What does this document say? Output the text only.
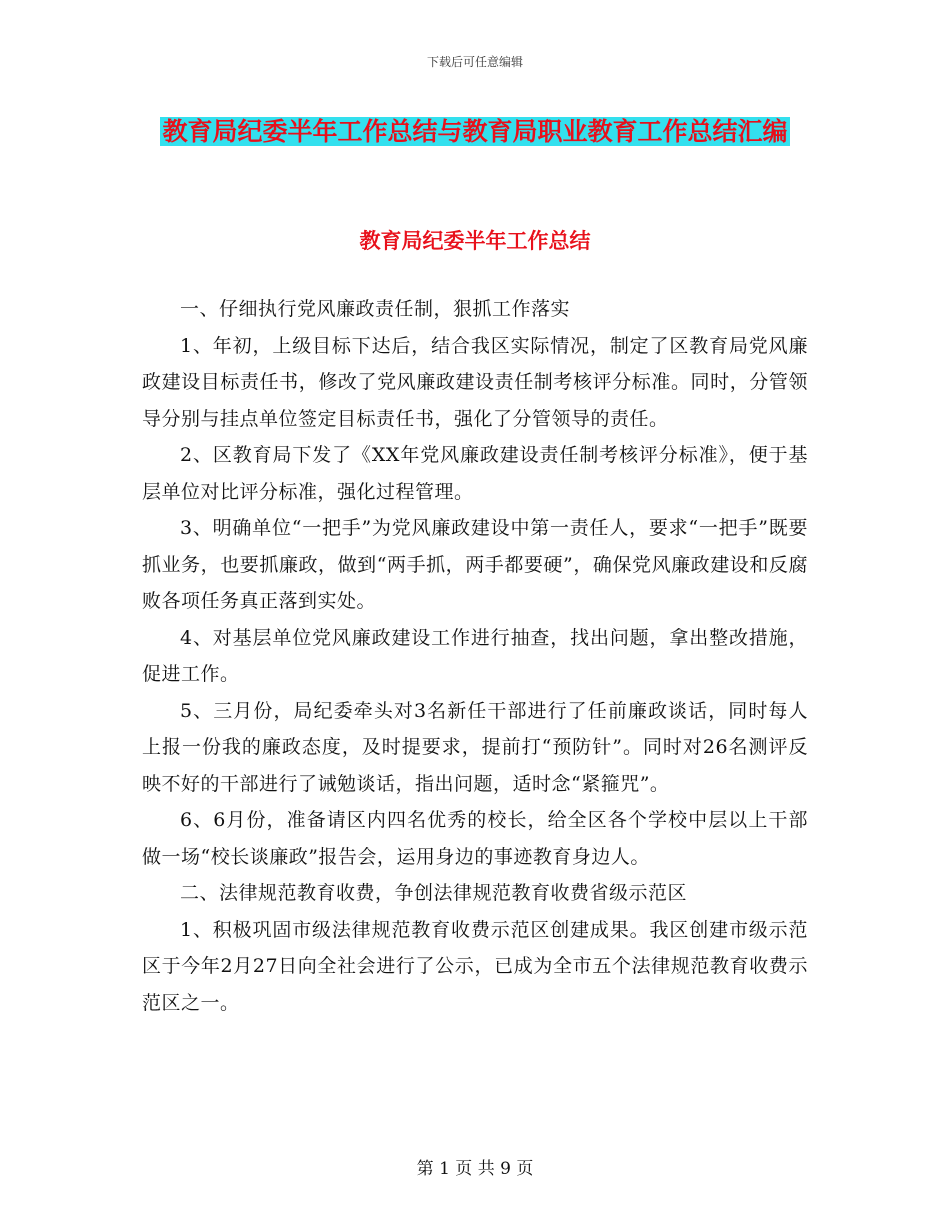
下载后可任意编辑
教育局纪委半年工作总结与教育局职业教育工作总结汇编
教育局纪委半年工作总结

一、仔细执行党风廉政责任制，狠抓工作落实

1、年初，上级目标下达后，结合我区实际情况，制定了区教育局党风廉政建设目标责任书，修改了党风廉政建设责任制考核评分标准。同时，分管领导分别与挂点单位签定目标责任书，强化了分管领导的责任。

2、区教育局下发了《XX年党风廉政建设责任制考核评分标准》，便于基层单位对比评分标准，强化过程管理。

3、明确单位“一把手”为党风廉政建设中第一责任人，要求“一把手”既要抓业务，也要抓廉政，做到“两手抓，两手都要硬”，确保党风廉政建设和反腐败各项任务真正落到实处。

4、对基层单位党风廉政建设工作进行抽查，找出问题，拿出整改措施，促进工作。

5、三月份，局纪委牵头对3名新任干部进行了任前廉政谈话，同时每人上报一份我的廉政态度，及时提要求，提前打“预防针”。同时对26名测评反映不好的干部进行了诫勉谈话，指出问题，适时念“紧箍咒”。

6、6月份，准备请区内四名优秀的校长，给全区各个学校中层以上干部做一场“校长谈廉政”报告会，运用身边的事迹教育身边人。

二、法律规范教育收费，争创法律规范教育收费省级示范区

1、积极巩固市级法律规范教育收费示范区创建成果。我区创建市级示范区于今年2月27日向全社会进行了公示，已成为全市五个法律规范教育收费示范区之一。

第 1 页 共 9 页
